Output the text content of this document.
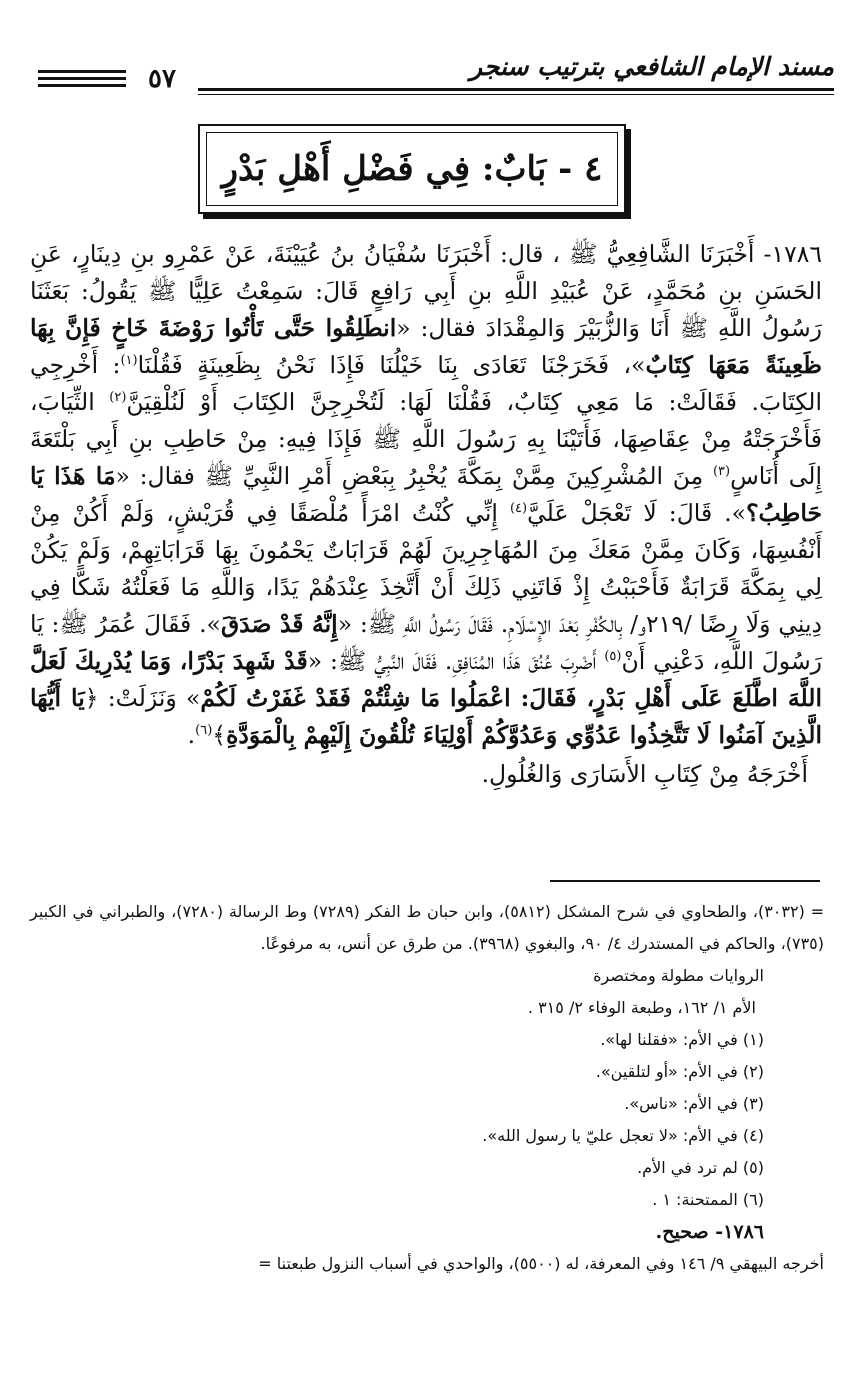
مسند الإمام الشافعي بترتيب سنجر
٥٧
٤ - بَابٌ: فِي فَضْلِ أَهْلِ بَدْرٍ

١٧٨٦- أَخْبَرَنَا الشَّافِعِيُّ ﷺ ، قال: أَخْبَرَنَا سُفْيَانُ بنُ عُيَيْنَةَ، عَنْ عَمْرِو بنِ دِينَارٍ، عَنِ الحَسَنِ بنِ مُحَمَّدٍ، عَنْ عُبَيْدِ اللَّهِ بنِ أَبِي رَافِعٍ قَالَ: سَمِعْتُ عَلِيًّا ﷺ يَقُولُ: بَعَثَنَا رَسُولُ اللَّهِ ﷺ أَنَا وَالزُّبَيْرَ وَالمِقْدَادَ فقال: «انطَلِقُوا حَتَّى تَأْتُوا رَوْضَةَ خَاخٍ فَإِنَّ بِهَا ظَعِينَةً مَعَهَا كِتَابٌ»، فَخَرَجْنَا تَعَادَى بِنَا خَيْلُنَا فَإِذَا نَحْنُ بِظَعِينَةٍ فَقُلْنَا$^{(١)}$: أَخْرِجِي الكِتَابَ. فَقَالَتْ: مَا مَعِي كِتَابٌ، فَقُلْنَا لَهَا: لَتُخْرِجِنَّ الكِتَابَ أَوْ لَنُلْقِيَنَّ$^{(٢)}$ الثِّيَابَ، فَأَخْرَجَتْهُ مِنْ عِقَاصِهَا، فَأَتَيْنَا بِهِ رَسُولَ اللَّهِ ﷺ فَإِذَا فِيهِ: مِنْ حَاطِبِ بنِ أَبِي بَلْتَعَةَ إِلَى أُنَاسٍ$^{(٣)}$ مِنَ المُشْرِكِينَ مِمَّنْ بِمَكَّةَ يُخْبِرُ بِبَعْضِ أَمْرِ النَّبِيِّ ﷺ فقال: «مَا هَذَا يَا حَاطِبُ؟». قَالَ: لَا تَعْجَلْ عَلَيَّ$^{(٤)}$ إِنِّي كُنْتُ امْرَأً مُلْصَقًا فِي قُرَيْشٍ، وَلَمْ أَكُنْ مِنْ أَنْفُسِهَا، وَكَانَ مِمَّنْ مَعَكَ مِنَ المُهَاجِرِينَ لَهُمْ قَرَابَاتٌ يَحْمُونَ بِهَا قَرَابَاتِهِمْ، وَلَمْ يَكُنْ لِي بِمَكَّةَ قَرَابَةٌ فَأَحْبَبْتُ إِذْ فَاتَنِي ذَلِكَ أَنْ أَتَّخِذَ عِنْدَهُمْ يَدًا، وَاللَّهِ مَا فَعَلْتُهُ شَكًّا فِي دِينِي وَلَا رِضًا /٢١٩و/ بِالكُفْرِ بَعْدَ الإِسْلَامِ. فَقَالَ رَسُولُ اللَّهِ ﷺ: «إِنَّهُ قَدْ صَدَقَ». فَقَالَ عُمَرُ ﷺ: يَا رَسُولَ اللَّهِ، دَعْنِي أَنْ$^{(٥)}$ أَضْرِبَ عُنُقَ هَذَا المُنَافِقِ. فَقَالَ النَّبِيُّ ﷺ: «قَدْ شَهِدَ بَدْرًا، وَمَا يُدْرِيكَ لَعَلَّ اللَّهَ اطَّلَعَ عَلَى أَهْلِ بَدْرٍ، فَقَالَ: اعْمَلُوا مَا شِئْتُمْ فَقَدْ غَفَرْتُ لَكُمْ» وَنَزَلَتْ: ﴿يَا أَيُّهَا الَّذِينَ آمَنُوا لَا تَتَّخِذُوا عَدُوِّي وَعَدُوَّكُمْ أَوْلِيَاءَ تُلْقُونَ إِلَيْهِمْ بِالْمَوَدَّةِ﴾$^{(٦)}$.

أَخْرَجَهُ مِنْ كِتَابِ الأَسَارَى وَالغُلُولِ.

= (٣٠٣٢)، والطحاوي في شرح المشكل (٥٨١٢)، وابن حبان ط الفكر (٧٢٨٩) وط الرسالة (٧٢٨٠)، والطبراني في الكبير (٧٣٥)، والحاكم في المستدرك ٤/ ٩٠، والبغوي (٣٩٦٨). من طرق عن أنس، به مرفوعًا.

الروايات مطولة ومختصرة

الأم ١/ ١٦٢، وطبعة الوفاء ٢/ ٣١٥ .

(١) في الأم: «فقلنا لها».
(٢) في الأم: «أو لتلقين».
(٣) في الأم: «ناس».
(٤) في الأم: «لا تعجل عليّ يا رسول الله».
(٥) لم ترد في الأم.
(٦) الممتحنة: ١ .

١٧٨٦- صحيح.

أخرجه البيهقي ٩/ ١٤٦ وفي المعرفة، له (٥٥٠٠)، والواحدي في أسباب النزول طبعتنا =
